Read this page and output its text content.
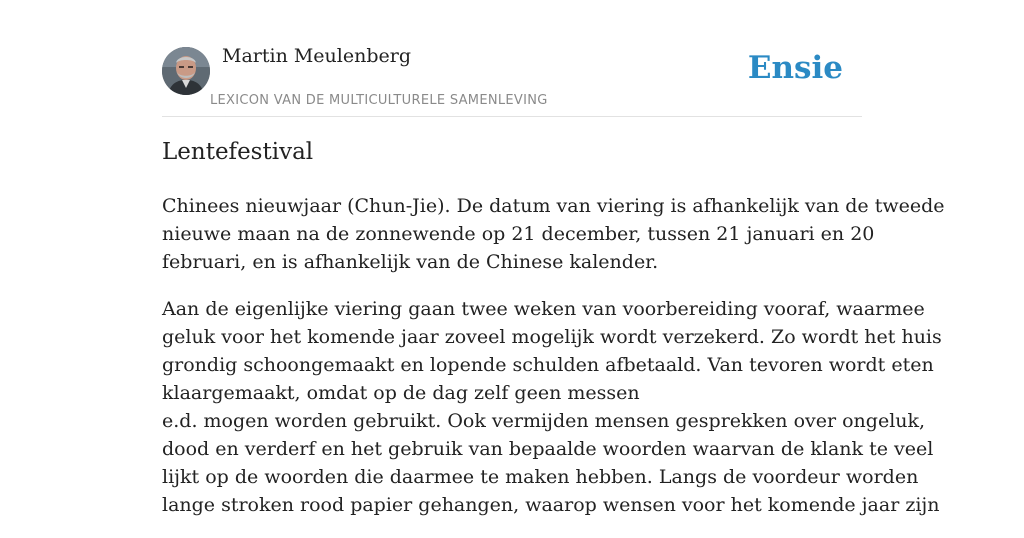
Martin Meulenberg
LEXICON VAN DE MULTICULTURELE SAMENLEVING
Ensie
Lentefestival

Chinees nieuwjaar (Chun-Jie). De datum van viering is afhankelijk van de tweede
nieuwe maan na de zonnewende op 21 december, tussen 21 januari en 20
februari, en is afhankelijk van de Chinese kalender.

Aan de eigenlijke viering gaan twee weken van voorbereiding vooraf, waarmee
geluk voor het komende jaar zoveel mogelijk wordt verzekerd. Zo wordt het huis
grondig schoongemaakt en lopende schulden afbetaald. Van tevoren wordt eten
klaargemaakt, omdat op de dag zelf geen messen
e.d. mogen worden gebruikt. Ook vermijden mensen gesprekken over ongeluk,
dood en verderf en het gebruik van bepaalde woorden waarvan de klank te veel
lijkt op de woorden die daarmee te maken hebben. Langs de voordeur worden
lange stroken rood papier gehangen, waarop wensen voor het komende jaar zijn
